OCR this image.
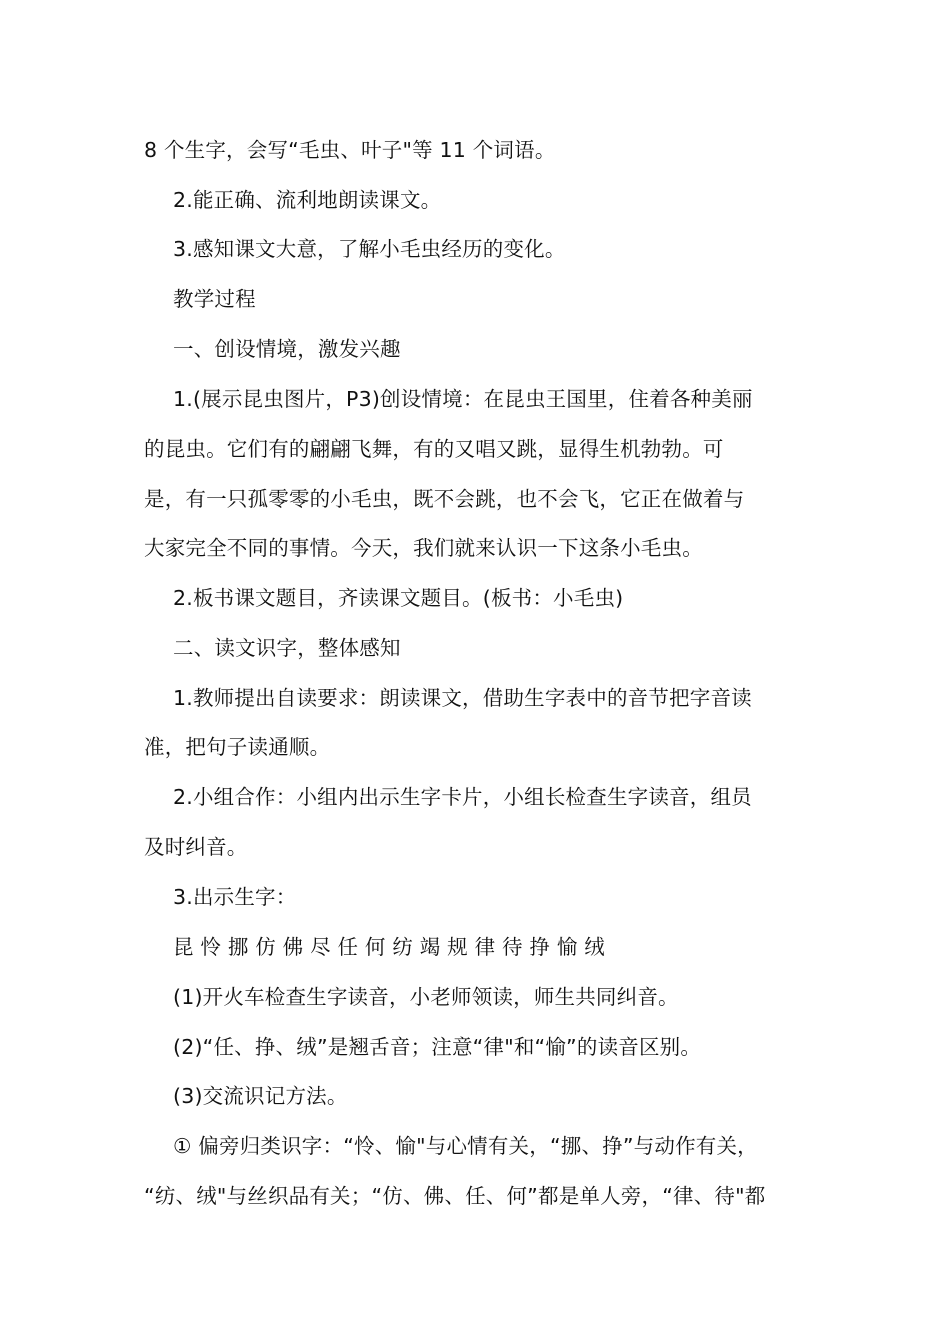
8 个生字，会写“毛虫、叶子"等 11 个词语。
2.能正确、流利地朗读课文。
3.感知课文大意，了解小毛虫经历的变化。
教学过程
一、创设情境，激发兴趣
1.(展示昆虫图片，P3)创设情境：在昆虫王国里，住着各种美丽
的昆虫。它们有的翩翩飞舞，有的又唱又跳，显得生机勃勃。可
是，有一只孤零零的小毛虫，既不会跳，也不会飞，它正在做着与
大家完全不同的事情。今天，我们就来认识一下这条小毛虫。
2.板书课文题目，齐读课文题目。(板书：小毛虫)
二、读文识字，整体感知
1.教师提出自读要求：朗读课文，借助生字表中的音节把字音读
准，把句子读通顺。
2.小组合作：小组内出示生字卡片，小组长检查生字读音，组员
及时纠音。
3.出示生字：
昆 怜 挪 仿 佛 尽 任 何 纺 竭 规 律 待 挣 愉 绒
(1)开火车检查生字读音，小老师领读，师生共同纠音。
(2)“任、挣、绒”是翘舌音；注意“律"和“愉”的读音区别。
(3)交流识记方法。
① 偏旁归类识字：“怜、愉"与心情有关，“挪、挣”与动作有关，
“纺、绒"与丝织品有关；“仿、佛、任、何”都是单人旁，“律、待"都
